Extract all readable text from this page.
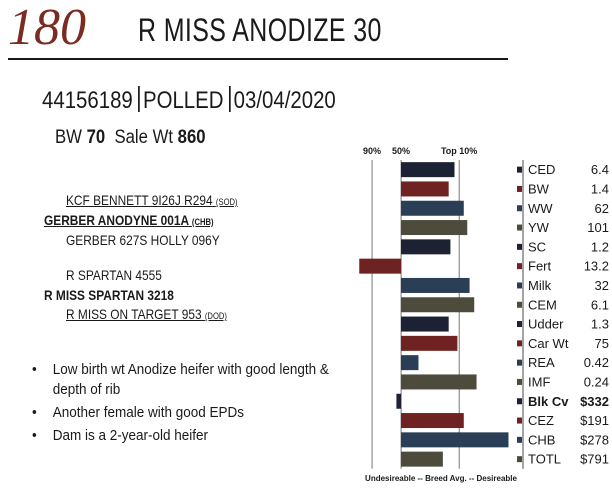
180 R MISS ANODIZE 30
44156189 POLLED 03/04/2020
BW 70 Sale Wt 860
KCF BENNETT 9I26J R294 (SOD)
GERBER ANODYNE 001A (CHB)
GERBER 627S HOLLY 096Y
R SPARTAN 4555
R MISS SPARTAN 3218
R MISS ON TARGET 953 (DOD)
• Low birth wt Anodize heifer with good length & depth of rib
• Another female with good EPDs
• Dam is a 2-year-old heifer
90% 50%	Top 10%
CED	6.4
BW	1.4
WW	62
YW	101
SC	1.2
Fert	13.2
Milk	32
CEM	6.1
Udder 1.3
Car Wt 75
REA 0.42
IMF	0.24
Blk Cv $332
CEZ $191
CHB $278
TOTL $791
Undesireable -- Breed Avg. -- Desireable
